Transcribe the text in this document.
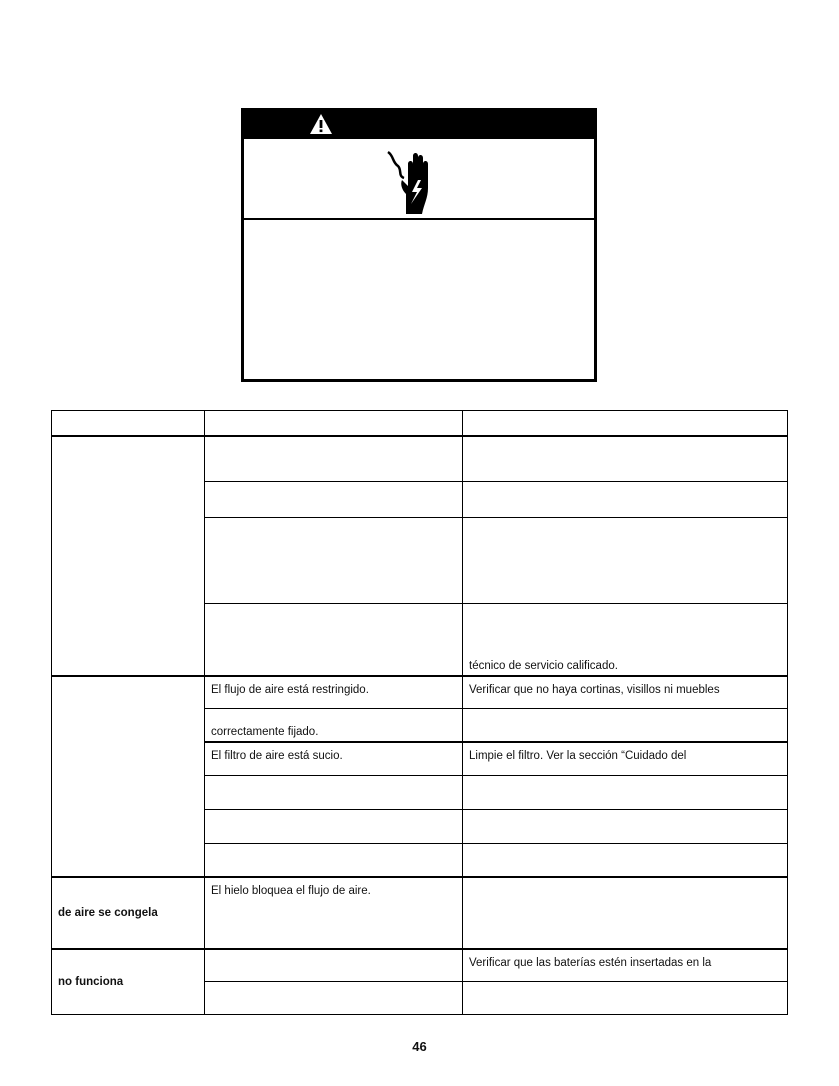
		técnico de servicio calificado.
	El flujo de aire está restringido.	Verificar que no haya cortinas, visillos ni muebles
	correctamente fijado.	
	El filtro de aire está sucio.	Limpie el filtro. Ver la sección “Cuidado del

de aire se congela	El hielo bloquea el flujo de aire.	
no funciona		Verificar que las baterías estén insertadas en la

46
